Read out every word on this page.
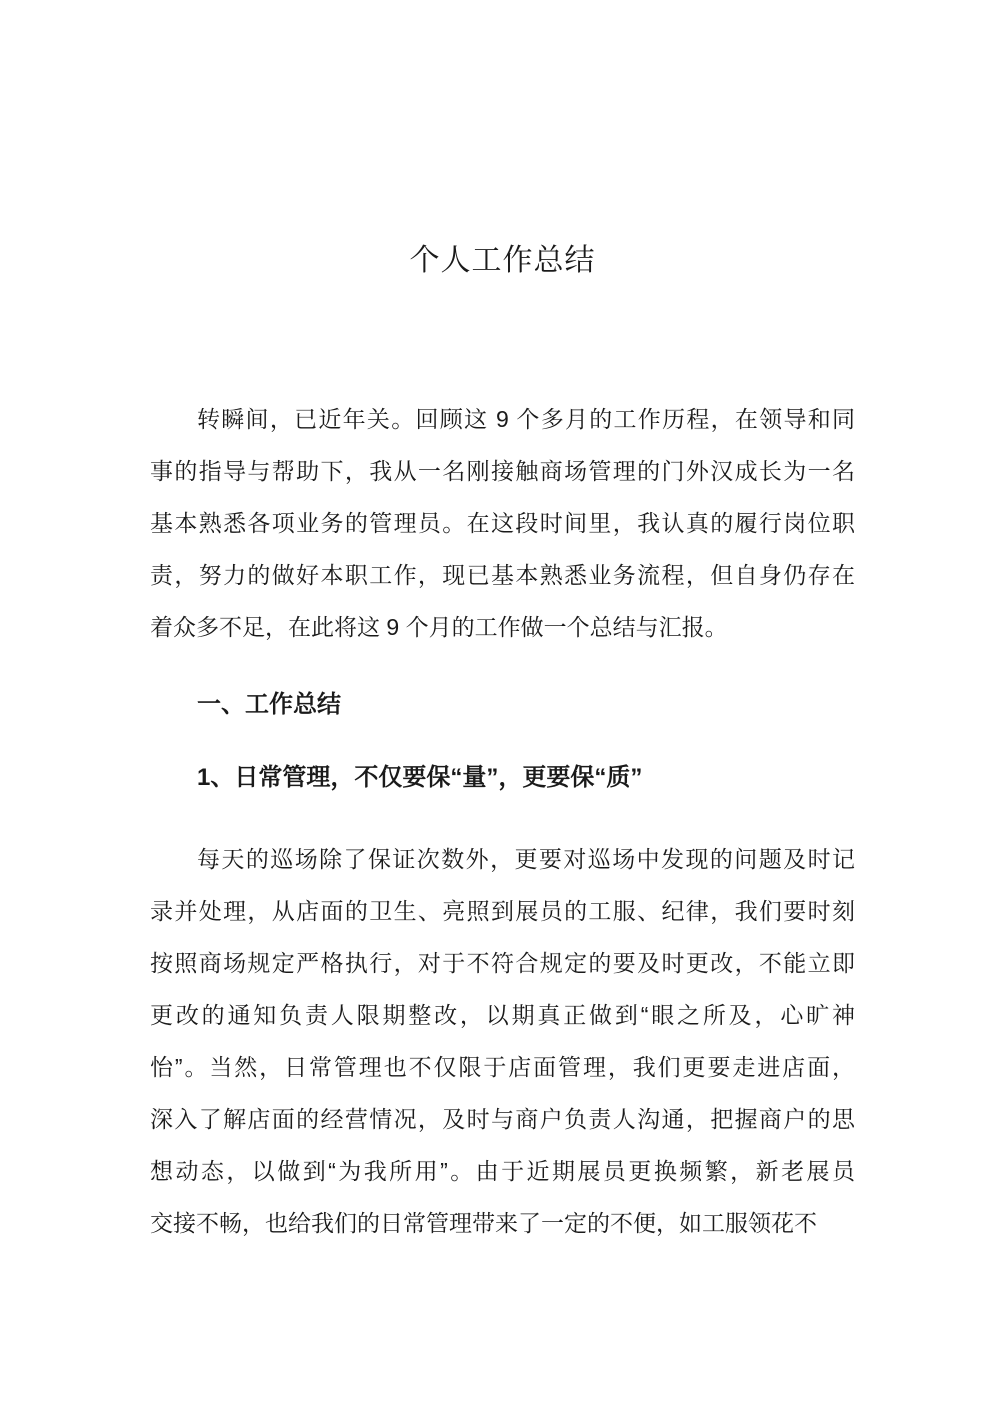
个人工作总结
转瞬间，已近年关。回顾这 9 个多月的工作历程，在领导和同
事的指导与帮助下，我从一名刚接触商场管理的门外汉成长为一名
基本熟悉各项业务的管理员。在这段时间里，我认真的履行岗位职
责，努力的做好本职工作，现已基本熟悉业务流程，但自身仍存在
着众多不足，在此将这 9 个月的工作做一个总结与汇报。
一、工作总结
1、日常管理，不仅要保“量”，更要保“质”
每天的巡场除了保证次数外，更要对巡场中发现的问题及时记
录并处理，从店面的卫生、亮照到展员的工服、纪律，我们要时刻
按照商场规定严格执行，对于不符合规定的要及时更改，不能立即
更改的通知负责人限期整改，以期真正做到“眼之所及，心旷神
怡”。当然，日常管理也不仅限于店面管理，我们更要走进店面，
深入了解店面的经营情况，及时与商户负责人沟通，把握商户的思
想动态，以做到“为我所用”。由于近期展员更换频繁，新老展员
交接不畅，也给我们的日常管理带来了一定的不便，如工服领花不
